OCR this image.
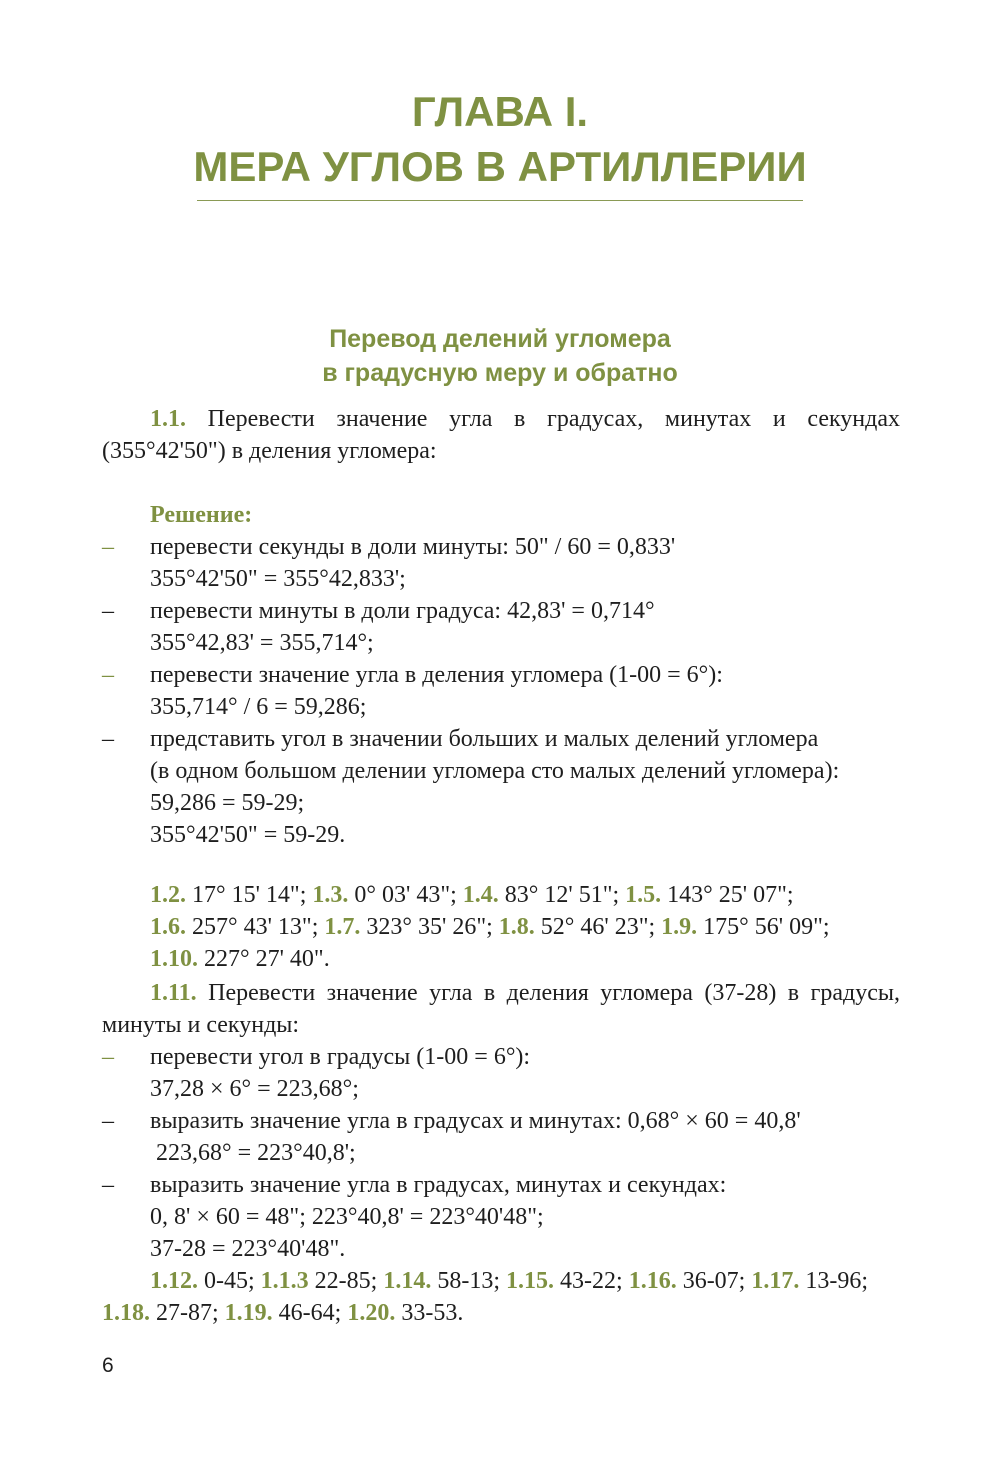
ГЛАВА I.
МЕРА УГЛОВ В АРТИЛЛЕРИИ
Перевод делений угломера
в градусную меру и обратно
1.1. Перевести значение угла в градусах, минутах и секундах
(355°42'50") в деления угломера:
Решение:
– перевести секунды в доли минуты: 50" / 60 = 0,833'
355°42'50" = 355°42,833';
– перевести минуты в доли градуса: 42,83' = 0,714°
355°42,83' = 355,714°;
– перевести значение угла в деления угломера (1-00 = 6°):
355,714° / 6 = 59,286;
– представить угол в значении больших и малых делений угломера
(в одном большом делении угломера сто малых делений угломера):
59,286 = 59-29;
355°42'50" = 59-29.
1.2. 17° 15' 14"; 1.3. 0° 03' 43"; 1.4. 83° 12' 51"; 1.5. 143° 25' 07";
1.6. 257° 43' 13"; 1.7. 323° 35' 26"; 1.8. 52° 46' 23"; 1.9. 175° 56' 09";
1.10. 227° 27' 40".
1.11. Перевести значение угла в деления угломера (37-28) в градусы,
минуты и секунды:
– перевести угол в градусы (1-00 = 6°):
37,28 × 6° = 223,68°;
– выразить значение угла в градусах и минутах: 0,68° × 60 = 40,8'
223,68° = 223°40,8';
– выразить значение угла в градусах, минутах и секундах:
0, 8' × 60 = 48"; 223°40,8' = 223°40'48";
37-28 = 223°40'48".
1.12. 0-45; 1.1.3 22-85; 1.14. 58-13; 1.15. 43-22; 1.16. 36-07; 1.17. 13-96;
1.18. 27-87; 1.19. 46-64; 1.20. 33-53.
6
